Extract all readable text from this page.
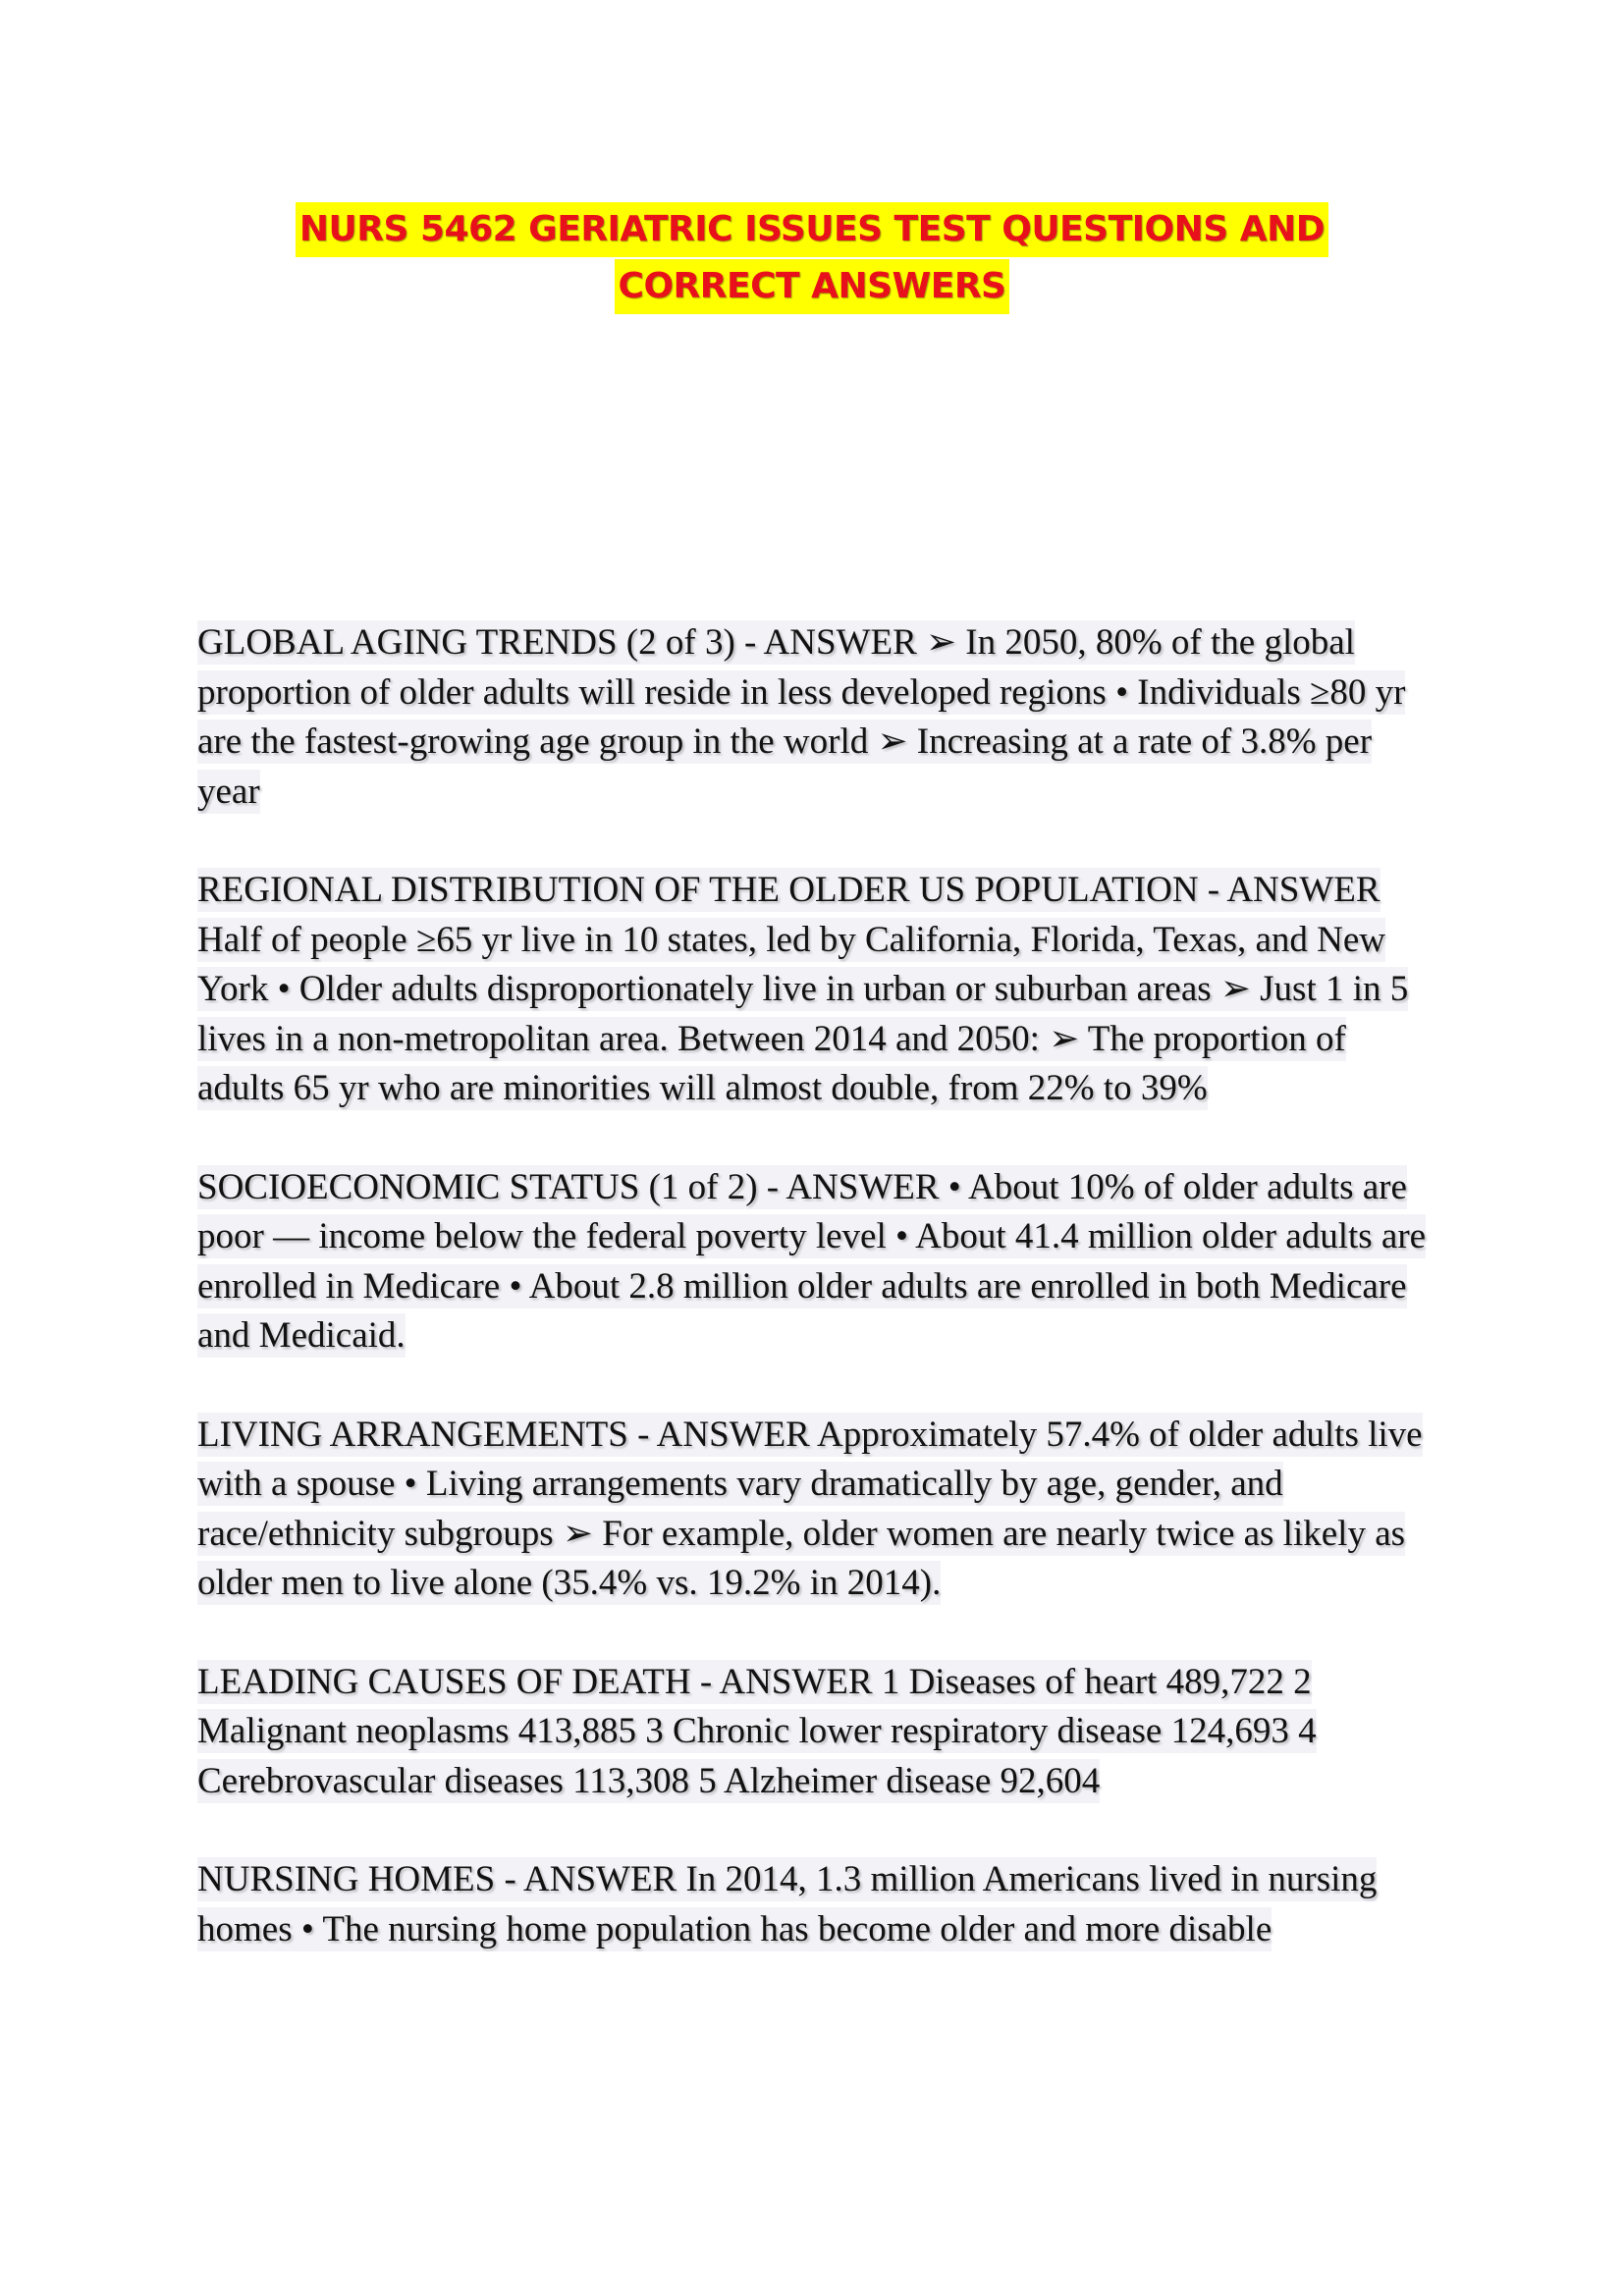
NURS 5462 GERIATRIC ISSUES TEST QUESTIONS AND
CORRECT ANSWERS

GLOBAL AGING TRENDS (2 of 3) - ANSWER ➢ In 2050, 80% of the global proportion of older adults will reside in less developed regions • Individuals ≥80 yr are the fastest-growing age group in the world ➢ Increasing at a rate of 3.8% per year

REGIONAL DISTRIBUTION OF THE OLDER US POPULATION - ANSWER Half of people ≥65 yr live in 10 states, led by California, Florida, Texas, and New York • Older adults disproportionately live in urban or suburban areas ➢ Just 1 in 5 lives in a non-metropolitan area. Between 2014 and 2050: ➢ The proportion of adults 65 yr who are minorities will almost double, from 22% to 39%

SOCIOECONOMIC STATUS (1 of 2) - ANSWER • About 10% of older adults are poor — income below the federal poverty level • About 41.4 million older adults are enrolled in Medicare • About 2.8 million older adults are enrolled in both Medicare and Medicaid.

LIVING ARRANGEMENTS - ANSWER Approximately 57.4% of older adults live with a spouse • Living arrangements vary dramatically by age, gender, and race/ethnicity subgroups ➢ For example, older women are nearly twice as likely as older men to live alone (35.4% vs. 19.2% in 2014).

LEADING CAUSES OF DEATH - ANSWER 1 Diseases of heart 489,722 2 Malignant neoplasms 413,885 3 Chronic lower respiratory disease 124,693 4 Cerebrovascular diseases 113,308 5 Alzheimer disease 92,604

NURSING HOMES - ANSWER In 2014, 1.3 million Americans lived in nursing homes • The nursing home population has become older and more disable
